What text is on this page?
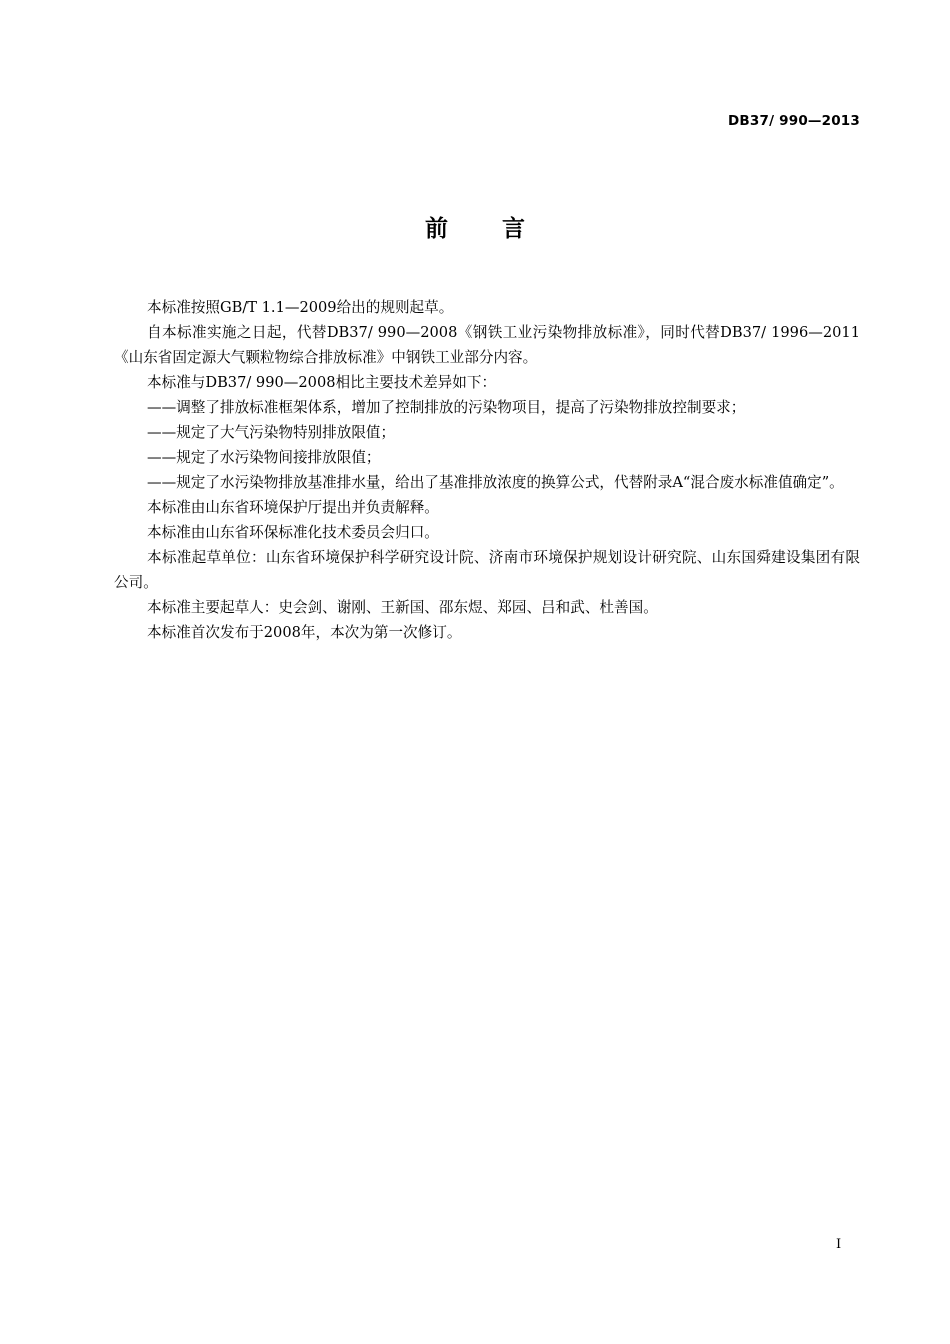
DB37/ 990—2013
前 言

本标准按照GB/T 1.1—2009给出的规则起草。

自本标准实施之日起，代替DB37/ 990—2008《钢铁工业污染物排放标准》，同时代替DB37/ 1996—2011《山东省固定源大气颗粒物综合排放标准》中钢铁工业部分内容。

本标准与DB37/ 990—2008相比主要技术差异如下：

——调整了排放标准框架体系，增加了控制排放的污染物项目，提高了污染物排放控制要求；

——规定了大气污染物特别排放限值；

——规定了水污染物间接排放限值；

——规定了水污染物排放基准排水量，给出了基准排放浓度的换算公式，代替附录A“混合废水标准值确定”。

本标准由山东省环境保护厅提出并负责解释。

本标准由山东省环保标准化技术委员会归口。

本标准起草单位：山东省环境保护科学研究设计院、济南市环境保护规划设计研究院、山东国舜建设集团有限公司。

本标准主要起草人：史会剑、谢刚、王新国、邵东煜、郑园、吕和武、杜善国。

本标准首次发布于2008年，本次为第一次修订。

I
